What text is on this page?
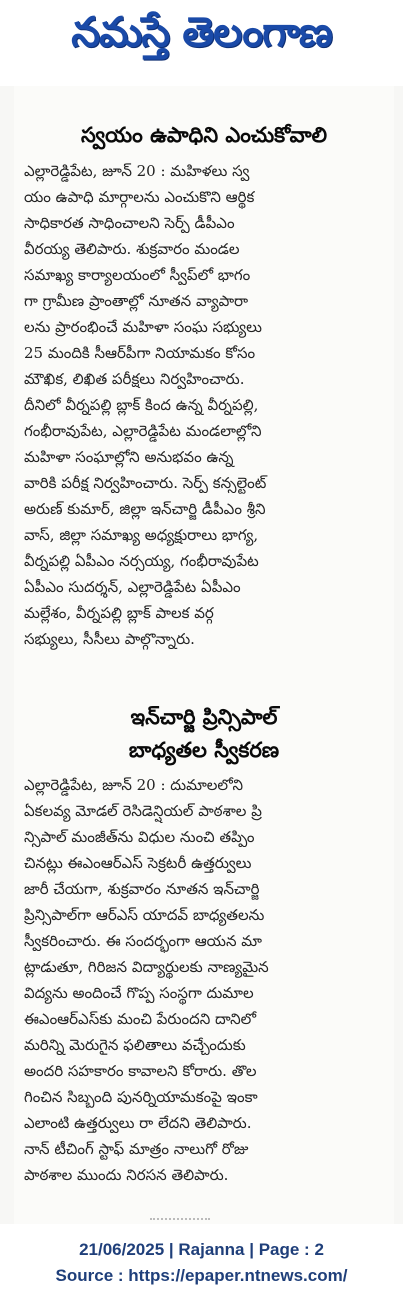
నమస్తే తెలంగాణ
స్వయం ఉపాధిని ఎంచుకోవాలి
ఎల్లారెడ్డిపేట, జూన్ 20 : మహిళలు స్వ
యం ఉపాధి మార్గాలను ఎంచుకొని ఆర్థిక
సాధికారత సాధించాలని సెర్ప్ డీపీఎం
వీరయ్య తెలిపారు. శుక్రవారం మండల
సమాఖ్య కార్యాలయంలో స్వీప్‌లో భాగం
గా గ్రామీణ ప్రాంతాల్లో నూతన వ్యాపారా
లను ప్రారంభించే మహిళా సంఘ సభ్యులు
25 మందికి సీఆర్‌పీగా నియామకం కోసం
మౌఖిక, లిఖిత పరీక్షలు నిర్వహించారు.
దీనిలో వీర్నపల్లి బ్లాక్ కింద ఉన్న వీర్నపల్లి,
గంభీరావుపేట, ఎల్లారెడ్డిపేట మండలాల్లోని
మహిళా సంఘాల్లోని అనుభవం ఉన్న
వారికి పరీక్ష నిర్వహించారు. సెర్ప్ కన్సల్టెంట్
అరుణ్ కుమార్, జిల్లా ఇన్‌చార్జి డీపీఎం శ్రీని
వాస్, జిల్లా సమాఖ్య అధ్యక్షురాలు భాగ్య,
వీర్నపల్లి ఏపీఎం నర్సయ్య, గంభీరావుపేట
ఏపీఎం సుదర్శన్, ఎల్లారెడ్డిపేట ఏపీఎం
మల్లేశం, వీర్నపల్లి బ్లాక్ పాలక వర్గ
సభ్యులు, సీసీలు పాల్గొన్నారు.
ఇన్‌చార్జి ప్రిన్సిపాల్
బాధ్యతల స్వీకరణ
ఎల్లారెడ్డిపేట, జూన్ 20 : దుమాలలోని
ఏకలవ్య మోడల్ రెసిడెన్షియల్ పాఠశాల ప్రి
న్సిపాల్ మంజీత్‌ను విధుల నుంచి తప్పిం
చినట్లు ఈఎంఆర్ఎస్ సెక్రటరీ ఉత్తర్వులు
జారీ చేయగా, శుక్రవారం నూతన ఇన్‌చార్జి
ప్రిన్సిపాల్‌గా ఆర్ఎస్ యాదవ్ బాధ్యతలను
స్వీకరించారు. ఈ సందర్భంగా ఆయన మా
ట్లాడుతూ, గిరిజన విద్యార్థులకు నాణ్యమైన
విద్యను అందించే గొప్ప సంస్థగా దుమాల
ఈఎంఆర్ఎస్‌కు మంచి పేరుందని దానిలో
మరిన్ని మెరుగైన ఫలితాలు వచ్చేందుకు
అందరి సహకారం కావాలని కోరారు. తొల
గించిన సిబ్బంది పునర్నియామకంపై ఇంకా
ఎలాంటి ఉత్తర్వులు రా లేదని తెలిపారు.
నాన్ టీచింగ్ స్టాఫ్ మాత్రం నాలుగో రోజు
పాఠశాల ముందు నిరసన తెలిపారు.
21/06/2025 | Rajanna | Page : 2
Source : https://epaper.ntnews.com/
